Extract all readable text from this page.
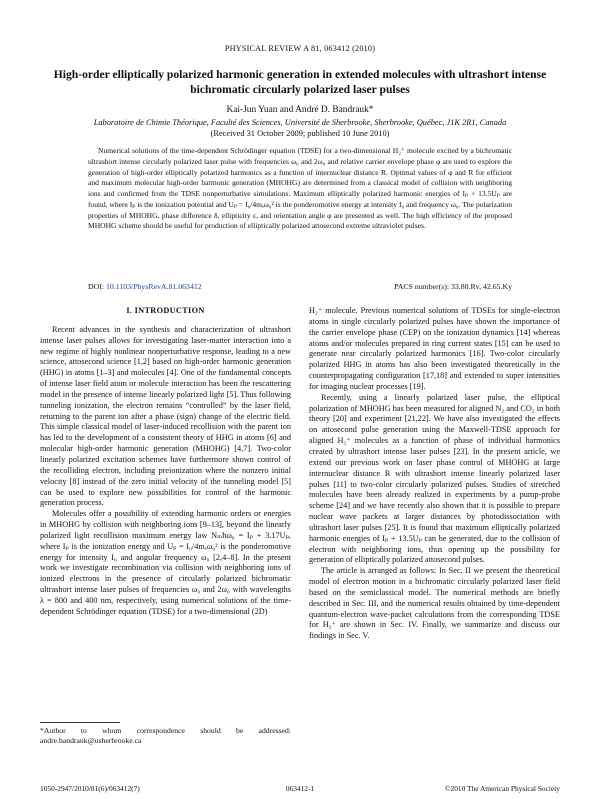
PHYSICAL REVIEW A 81, 063412 (2010)
High-order elliptically polarized harmonic generation in extended molecules with ultrashort intense bichromatic circularly polarized laser pulses
Kai-Jun Yuan and André D. Bandrauk*
Laboratoire de Chimie Théorique, Faculté des Sciences, Université de Sherbrooke, Sherbrooke, Québec, J1K 2R1, Canada
(Received 31 October 2009; published 10 June 2010)
Numerical solutions of the time-dependent Schrödinger equation (TDSE) for a two-dimensional H₂⁺ molecule excited by a bichromatic ultrashort intense circularly polarized laser pulse with frequencies ω₀ and 2ω₀ and relative carrier envelope phase φ are used to explore the generation of high-order elliptically polarized harmonics as a function of internuclear distance R. Optimal values of φ and R for efficient and maximum molecular high-order harmonic generation (MHOHG) are determined from a classical model of collision with neighboring ions and confirmed from the TDSE nonperturbative simulations. Maximum elliptically polarized harmonic energies of Iₚ + 13.5Uₚ are found, where Iₚ is the ionization potential and Uₚ = I₀/4mₑω₀² is the ponderomotive energy at intensity I₀ and frequency ω₀. The polarization properties of MHOHG, phase difference δ, ellipticity ε, and orientation angle φ are presented as well. The high efficiency of the proposed MHOHG scheme should be useful for production of elliptically polarized attosecond extreme ultraviolet pulses.
DOI: 10.1103/PhysRevA.81.063412	PACS number(s): 33.80.Rv, 42.65.Ky
I. INTRODUCTION

Recent advances in the synthesis and characterization of ultrashort intense laser pulses allows for investigating laser-matter interaction into a new regime of highly nonlinear nonperturbative response, leading to a new science, attosecond science [1,2] based on high-order harmonic generation (HHG) in atoms [1–3] and molecules [4]. One of the fundamental concepts of intense laser field atom or molecule interaction has been the rescattering model in the presence of intense linearly polarized light [5]. Thus following tunneling ionization, the electron remains “controlled” by the laser field, returning to the parent ion after a phase (sign) change of the electric field. This simple classical model of laser-induced recollision with the parent ion has led to the development of a consistent theory of HHG in atoms [6] and molecular high-order harmonic generation (MHOHG) [4,7]. Two-color linearly polarized excitation schemes have furthermore shown control of the recolliding electron, including preionization where the nonzero initial velocity [8] instead of the zero initial velocity of the tunneling model [5] can be used to explore new possibilities for control of the harmonic generation process.

Molecules offer a possibility of extending harmonic orders or energies in MHOHG by collision with neighboring ions [9–13], beyond the linearly polarized light recollision maximum energy law Nₘħω₀ = Iₚ + 3.17Uₚ, where Iₚ is the ionization energy and Uₚ = I₀/4mₑω₀² is the ponderomotive energy for intensity I₀ and angular frequency ω₀ [2,4–8]. In the present work we investigate recombination via collision with neighboring ions of ionized electrons in the presence of circularly polarized bichromatic ultrashort intense laser pulses of frequencies ω₀ and 2ω₀ with wavelengths λ = 800 and 400 nm, respectively, using numerical solutions of the time-dependent Schrödinger equation (TDSE) for a two-dimensional (2D)

H₂⁺ molecule. Previous numerical solutions of TDSEs for single-electron atoms in single circularly polarized pulses have shown the importance of the carrier envelope phase (CEP) on the ionization dynamics [14] whereas atoms and/or molecules prepared in ring current states [15] can be used to generate near circularly polarized harmonics [16]. Two-color circularly polarized HHG in atoms has also been investigated theoretically in the counterpropagating configuration [17,18] and extended to super intensities for imaging nuclear processes [19].

Recently, using a linearly polarized laser pulse, the elliptical polarization of MHOHG has been measured for aligned N₂ and CO₂ in both theory [20] and experiment [21,22]. We have also investigated the effects on attosecond pulse generation using the Maxwell-TDSE approach for aligned H₂⁺ molecules as a function of phase of individual harmonics created by ultrashort intense laser pulses [23]. In the present article, we extend our previous work on laser phase control of MHOHG at large internuclear distance R with ultrashort intense linearly polarized laser pulses [11] to two-color circularly polarized pulses. Studies of stretched molecules have been already realized in experiments by a pump-probe scheme [24] and we have recently also shown that it is possible to prepare nuclear wave packets at larger distances by photodissociation with ultrashort laser pulses [25]. It is found that maximum elliptically polarized harmonic energies of Iₚ + 13.5Uₚ can be generated, due to the collision of electron with neighboring ions, thus opening up the possibility for generation of elliptically polarized attosecond pulses.

The article is arranged as follows: In Sec. II we present the theoretical model of electron motion in a bichromatic circularly polarized laser field based on the semiclassical model. The numerical methods are briefly described in Sec. III, and the numerical results obtained by time-dependent quantum-electron wave-packet calculations from the corresponding TDSE for H₂⁺ are shown in Sec. IV. Finally, we summarize and discuss our findings in Sec. V.

*Author to whom correspondence should be addressed: andre.bandrauk@usherbrooke.ca
1050-2947/2010/81(6)/063412(7)	063412-1	©2010 The American Physical Society
